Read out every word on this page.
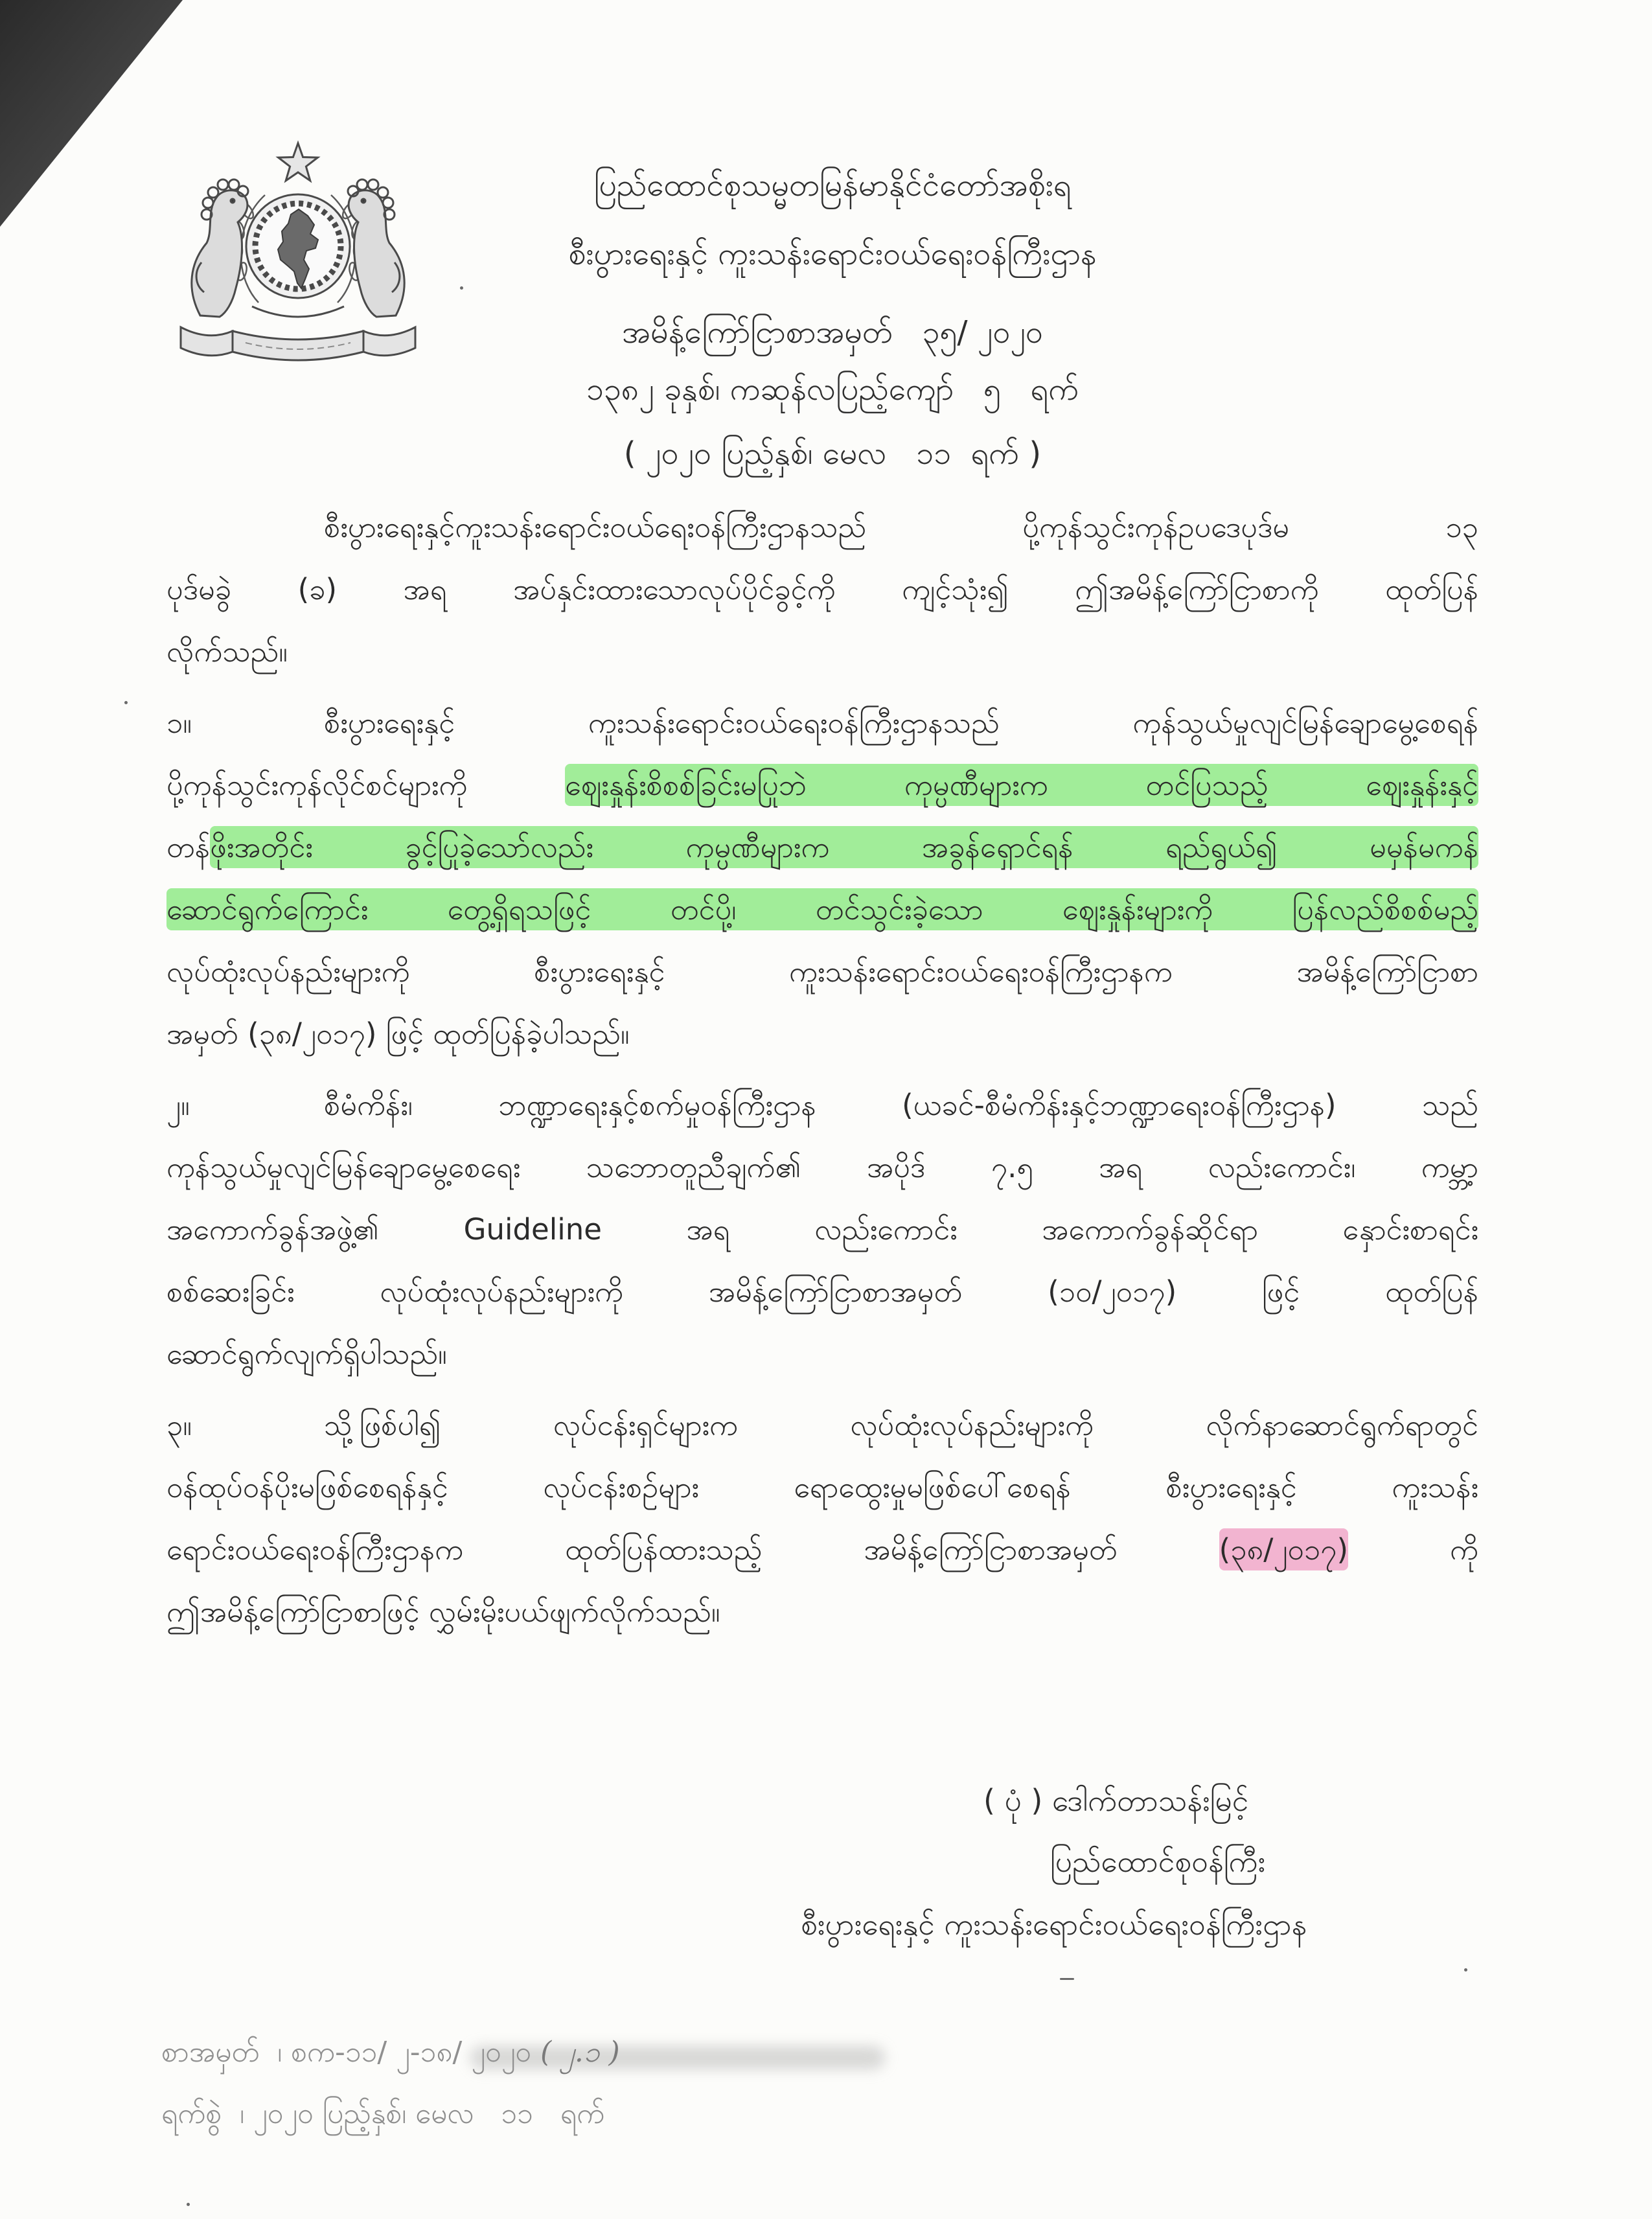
ပြည်ထောင်စုသမ္မတမြန်မာနိုင်ငံတော်အစိုးရ
စီးပွားရေးနှင့် ကူးသန်းရောင်းဝယ်ရေးဝန်ကြီးဌာန
အမိန့်ကြော်ငြာစာအမှတ် ၃၅/ ၂၀၂၀
၁၃၈၂ ခုနှစ်၊ ကဆုန်လပြည့်ကျော်   ၅   ရက်
( ၂၀၂၀ ပြည့်နှစ်၊ မေလ   ၁၁  ရက် )
စီးပွားရေးနှင့်ကူးသန်းရောင်းဝယ်ရေးဝန်ကြီးဌာနသည် ပို့ကုန်သွင်းကုန်ဥပဒေပုဒ်မ ၁၃
ပုဒ်မခွဲ (ခ) အရ အပ်နှင်းထားသောလုပ်ပိုင်ခွင့်ကို ကျင့်သုံး၍ ဤအမိန့်ကြော်ငြာစာကို ထုတ်ပြန်
လိုက်သည်။
၁။	စီးပွားရေးနှင့် ကူးသန်းရောင်းဝယ်ရေးဝန်ကြီးဌာနသည် ကုန်သွယ်မှုလျင်မြန်ချောမွေ့စေရန်
ပို့ကုန်သွင်းကုန်လိုင်စင်များကို ဈေးနှုန်းစိစစ်ခြင်းမပြုဘဲ ကုမ္ပဏီများက တင်ပြသည့် ဈေးနှုန်းနှင့်
တန်ဖိုးအတိုင်း ခွင့်ပြုခဲ့သော်လည်း ကုမ္ပဏီများက အခွန်ရှောင်ရန် ရည်ရွယ်၍ မမှန်မကန်
ဆောင်ရွက်ကြောင်း တွေ့ရှိရသဖြင့် တင်ပို့၊ တင်သွင်းခဲ့သော ဈေးနှုန်းများကို ပြန်လည်စိစစ်မည့်
လုပ်ထုံးလုပ်နည်းများကို စီးပွားရေးနှင့် ကူးသန်းရောင်းဝယ်ရေးဝန်ကြီးဌာနက အမိန့်ကြော်ငြာစာ
အမှတ် (၃၈/၂၀၁၇) ဖြင့် ထုတ်ပြန်ခဲ့ပါသည်။
၂။	စီမံကိန်း၊ ဘဏ္ဍာရေးနှင့်စက်မှုဝန်ကြီးဌာန (ယခင်-စီမံကိန်းနှင့်ဘဏ္ဍာရေးဝန်ကြီးဌာန) သည်
ကုန်သွယ်မှုလျင်မြန်ချောမွေ့စေရေး သဘောတူညီချက်၏ အပိုဒ် ၇.၅ အရ လည်းကောင်း၊ ကမ္ဘာ့
အကောက်ခွန်အဖွဲ့၏ Guideline အရ လည်းကောင်း အကောက်ခွန်ဆိုင်ရာ နှောင်းစာရင်း
စစ်ဆေးခြင်း လုပ်ထုံးလုပ်နည်းများကို အမိန့်ကြော်ငြာစာအမှတ် (၁၀/၂၀၁၇) ဖြင့် ထုတ်ပြန်
ဆောင်ရွက်လျက်ရှိပါသည်။
၃။	သို့ဖြစ်ပါ၍ လုပ်ငန်းရှင်များက လုပ်ထုံးလုပ်နည်းများကို လိုက်နာဆောင်ရွက်ရာတွင်
ဝန်ထုပ်ဝန်ပိုးမဖြစ်စေရန်နှင့် လုပ်ငန်းစဉ်များ ရောထွေးမှုမဖြစ်ပေါ်စေရန် စီးပွားရေးနှင့် ကူးသန်း
ရောင်းဝယ်ရေးဝန်ကြီးဌာနက ထုတ်ပြန်ထားသည့် အမိန့်ကြော်ငြာစာအမှတ် (၃၈/၂၀၁၇) ကို
ဤအမိန့်ကြော်ငြာစာဖြင့် လွှမ်းမိုးပယ်ဖျက်လိုက်သည်။
( ပုံ ) ဒေါက်တာသန်းမြင့်
ပြည်ထောင်စုဝန်ကြီး
စီးပွားရေးနှင့် ကူးသန်းရောင်းဝယ်ရေးဝန်ကြီးဌာန
စာအမှတ် ၊ စက-၁၁/ ၂-၁၈/ ၂၀၂၀ ( ၂.၁ )
ရက်စွဲ ၊ ၂၀၂၀ ပြည့်နှစ်၊ မေလ   ၁၁   ရက်
